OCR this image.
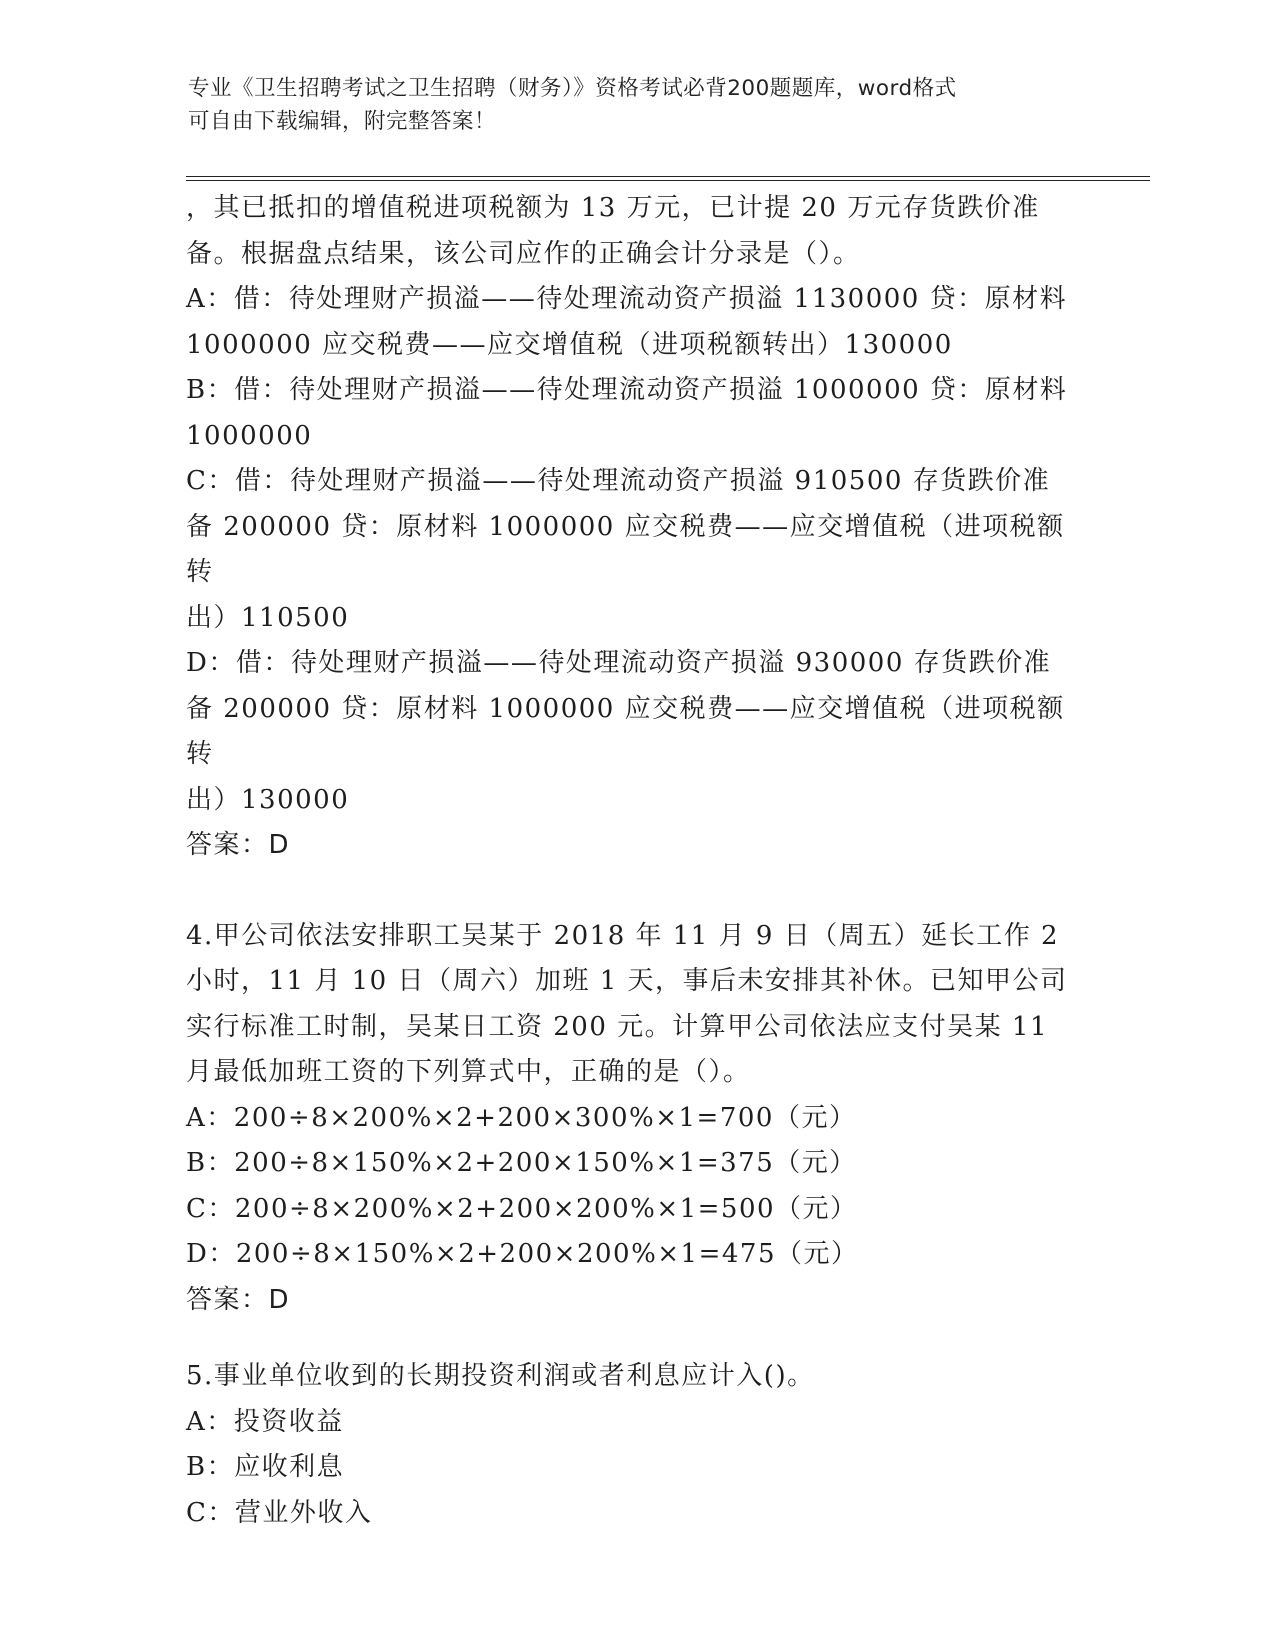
专业《卫生招聘考试之卫生招聘（财务）》资格考试必背200题题库，word格式
可自由下载编辑，附完整答案！

，其已抵扣的增值税进项税额为 13 万元，已计提 20 万元存货跌价准

备。根据盘点结果，该公司应作的正确会计分录是（）。

A：借：待处理财产损溢——待处理流动资产损溢 1130000 贷：原材料

1000000 应交税费——应交增值税（进项税额转出）130000

B：借：待处理财产损溢——待处理流动资产损溢 1000000 贷：原材料

1000000

C：借：待处理财产损溢——待处理流动资产损溢 910500 存货跌价准

备 200000 贷：原材料 1000000 应交税费——应交增值税（进项税额转

出）110500

D：借：待处理财产损溢——待处理流动资产损溢 930000 存货跌价准

备 200000 贷：原材料 1000000 应交税费——应交增值税（进项税额转

出）130000

答案：D

4.甲公司依法安排职工吴某于 2018 年 11 月 9 日（周五）延长工作 2

小时，11 月 10 日（周六）加班 1 天，事后未安排其补休。已知甲公司

实行标准工时制，吴某日工资 200 元。计算甲公司依法应支付吴某 11

月最低加班工资的下列算式中，正确的是（）。

A：200÷8×200%×2+200×300%×1=700（元）

B：200÷8×150%×2+200×150%×1=375（元）

C：200÷8×200%×2+200×200%×1=500（元）

D：200÷8×150%×2+200×200%×1=475（元）

答案：D

5.事业单位收到的长期投资利润或者利息应计入()。

A：投资收益

B：应收利息

C：营业外收入
